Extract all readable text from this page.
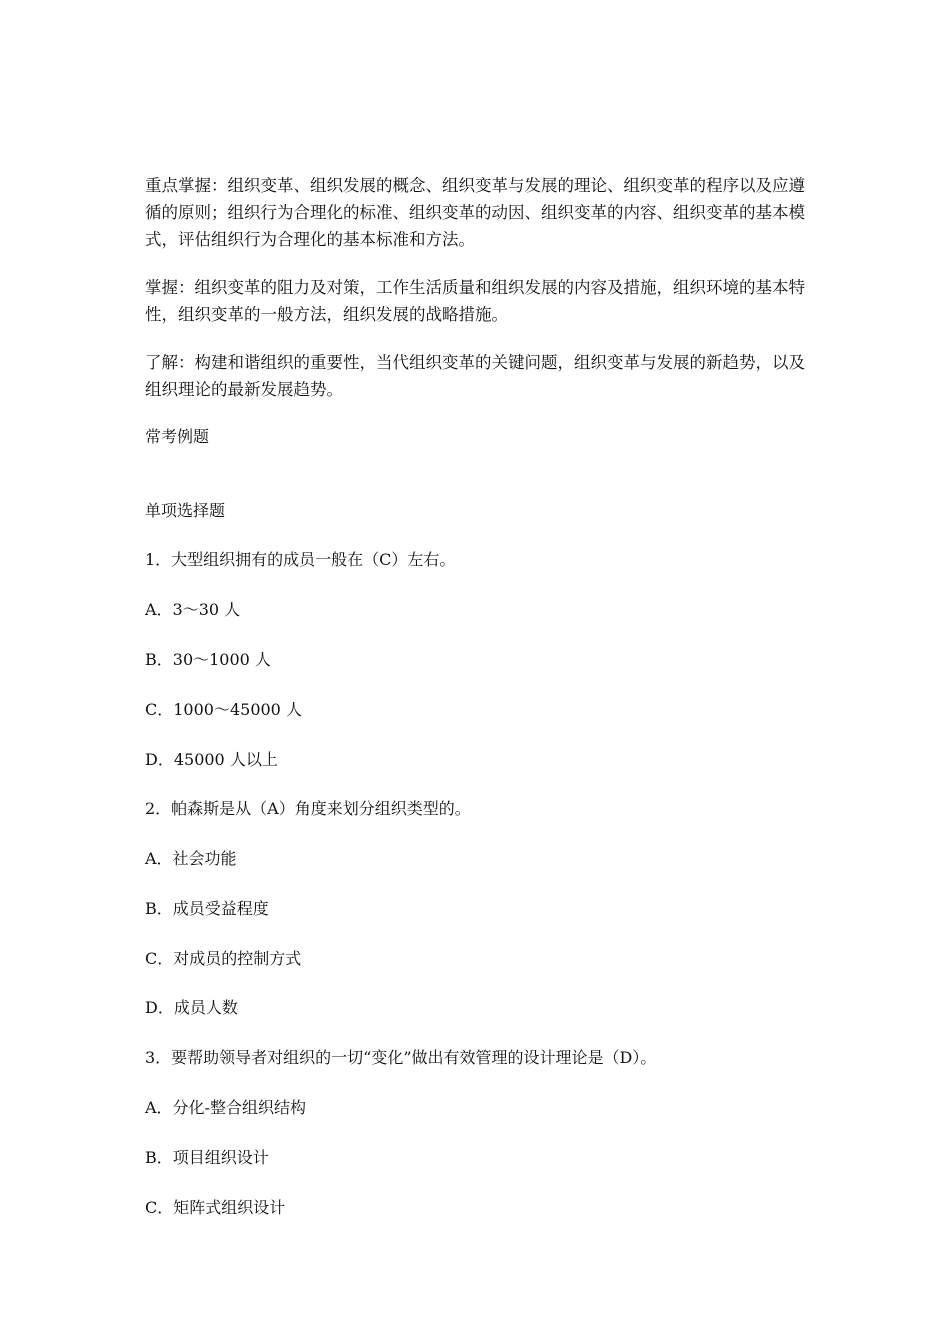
重点掌握：组织变革、组织发展的概念、组织变革与发展的理论、组织变革的程序以及应遵循的原则；组织行为合理化的标准、组织变革的动因、组织变革的内容、组织变革的基本模式，评估组织行为合理化的基本标准和方法。

掌握：组织变革的阻力及对策，工作生活质量和组织发展的内容及措施，组织环境的基本特性，组织变革的一般方法，组织发展的战略措施。

了解：构建和谐组织的重要性，当代组织变革的关键问题，组织变革与发展的新趋势，以及组织理论的最新发展趋势。

常考例题
单项选择题
1．大型组织拥有的成员一般在（C）左右。
A．3～30 人
B．30～1000 人
C．1000～45000 人
D．45000 人以上
2．帕森斯是从（A）角度来划分组织类型的。
A．社会功能
B．成员受益程度
C．对成员的控制方式
D．成员人数
3．要帮助领导者对组织的一切“变化”做出有效管理的设计理论是（D）。
A．分化-整合组织结构
B．项目组织设计
C．矩阵式组织设计
